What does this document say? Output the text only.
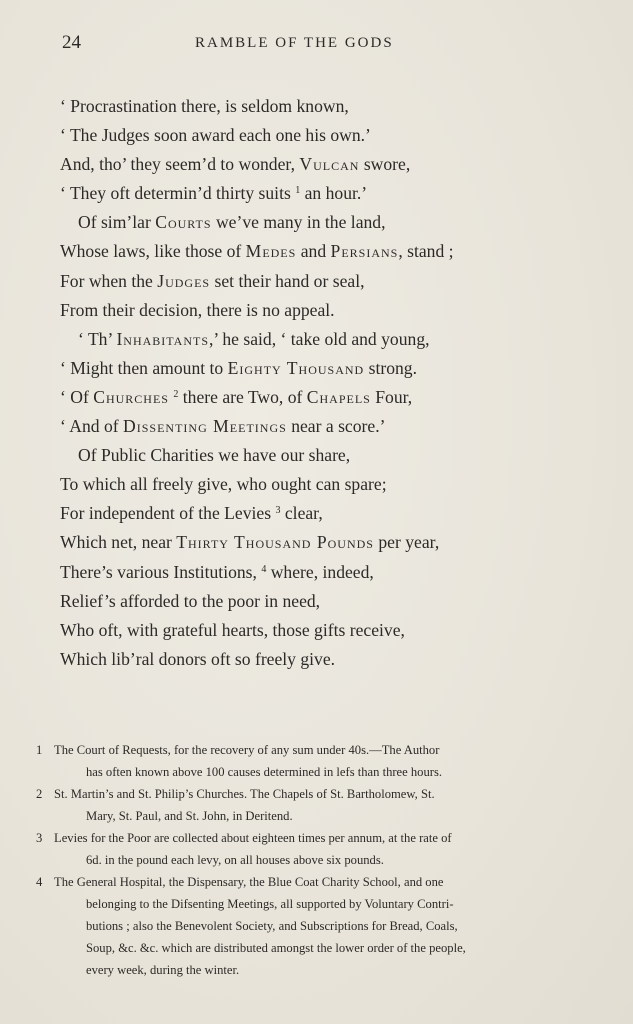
24	RAMBLE OF THE GODS
‘ Procrastination there, is seldom known,
‘ The Judges soon award each one his own.’
And, tho’ they seem’d to wonder, Vulcan swore,
‘ They oft determin’d thirty suits $^1$ an hour.’
Of sim’lar Courts we’ve many in the land,
Whose laws, like those of Medes and Persians, stand ;
For when the Judges set their hand or seal,
From their decision, there is no appeal.
‘ Th’ Inhabitants,’ he said, ‘ take old and young,
‘ Might then amount to Eighty Thousand strong.
‘ Of Churches $^2$ there are Two, of Chapels Four,
‘ And of Dissenting Meetings near a score.’
Of Public Charities we have our share,
To which all freely give, who ought can spare;
For independent of the Levies $^3$ clear,
Which net, near Thirty Thousand Pounds per year,
There’s various Institutions, $^4$ where, indeed,
Relief’s afforded to the poor in need,
Who oft, with grateful hearts, those gifts receive,
Which lib’ral donors oft so freely give.
1 The Court of Requests, for the recovery of any sum under 40s.—The Author
has often known above 100 causes determined in lefs than three hours.
2 St. Martin’s and St. Philip’s Churches. The Chapels of St. Bartholomew, St.
Mary, St. Paul, and St. John, in Deritend.
3 Levies for the Poor are collected about eighteen times per annum, at the rate of
6d. in the pound each levy, on all houses above six pounds.
4 The General Hospital, the Dispensary, the Blue Coat Charity School, and one
belonging to the Difsenting Meetings, all supported by Voluntary Contri-
butions ; also the Benevolent Society, and Subscriptions for Bread, Coals,
Soup, &c. &c. which are distributed amongst the lower order of the people,
every week, during the winter.
